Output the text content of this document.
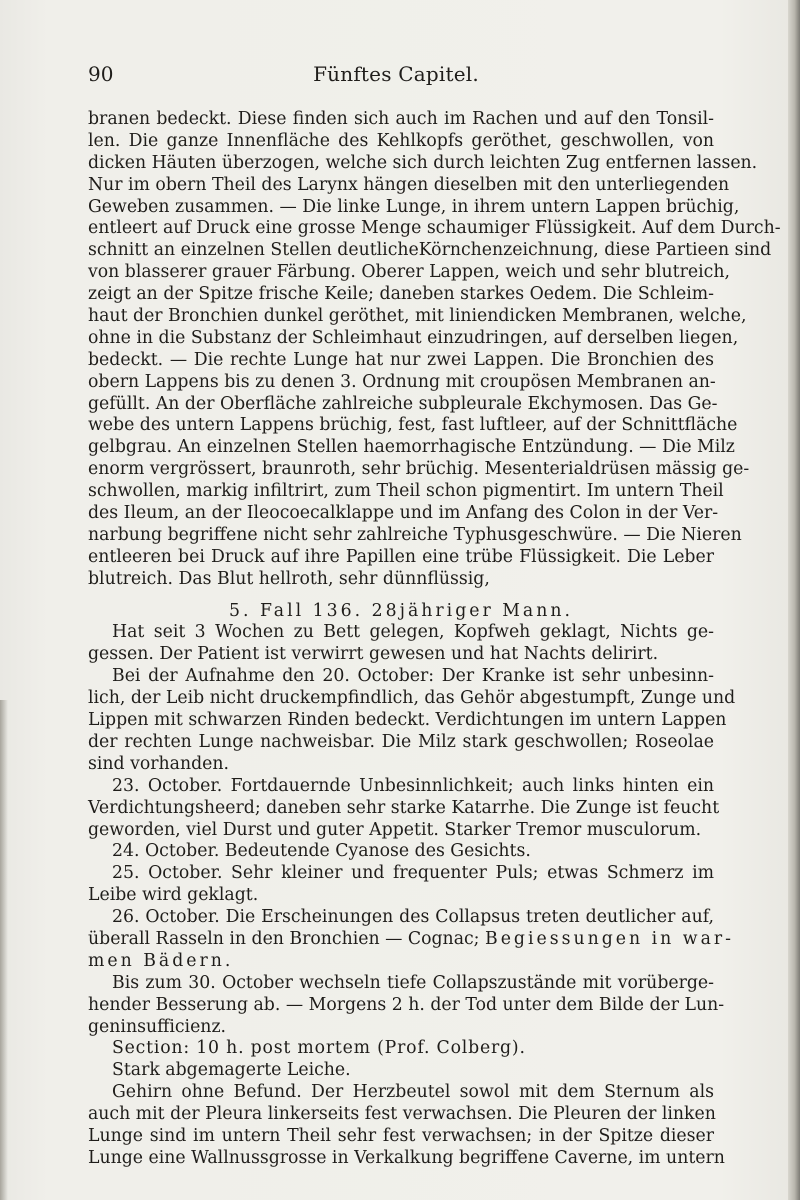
90	Fünftes Capitel.
branen bedeckt. Diese finden sich auch im Rachen und auf den Tonsil-
len. Die ganze Innenfläche des Kehlkopfs geröthet, geschwollen, von
dicken Häuten überzogen, welche sich durch leichten Zug entfernen lassen.
Nur im obern Theil des Larynx hängen dieselben mit den unterliegenden
Geweben zusammen. — Die linke Lunge, in ihrem untern Lappen brüchig,
entleert auf Druck eine grosse Menge schaumiger Flüssigkeit. Auf dem Durch-
schnitt an einzelnen Stellen deutlicheKörnchenzeichnung, diese Partieen sind
von blasserer grauer Färbung. Oberer Lappen, weich und sehr blutreich,
zeigt an der Spitze frische Keile; daneben starkes Oedem. Die Schleim-
haut der Bronchien dunkel geröthet, mit liniendicken Membranen, welche,
ohne in die Substanz der Schleimhaut einzudringen, auf derselben liegen,
bedeckt. — Die rechte Lunge hat nur zwei Lappen. Die Bronchien des
obern Lappens bis zu denen 3. Ordnung mit croupösen Membranen an-
gefüllt. An der Oberfläche zahlreiche subpleurale Ekchymosen. Das Ge-
webe des untern Lappens brüchig, fest, fast luftleer, auf der Schnittfläche
gelbgrau. An einzelnen Stellen haemorrhagische Entzündung. — Die Milz
enorm vergrössert, braunroth, sehr brüchig. Mesenterialdrüsen mässig ge-
schwollen, markig infiltrirt, zum Theil schon pigmentirt. Im untern Theil
des Ileum, an der Ileocoecalklappe und im Anfang des Colon in der Ver-
narbung begriffene nicht sehr zahlreiche Typhusgeschwüre. — Die Nieren
entleeren bei Druck auf ihre Papillen eine trübe Flüssigkeit. Die Leber
blutreich. Das Blut hellroth, sehr dünnflüssig,
5. Fall 136. 28jähriger Mann.
Hat seit 3 Wochen zu Bett gelegen, Kopfweh geklagt, Nichts ge-
gessen. Der Patient ist verwirrt gewesen und hat Nachts delirirt.
Bei der Aufnahme den 20. October: Der Kranke ist sehr unbesinn-
lich, der Leib nicht druckempfindlich, das Gehör abgestumpft, Zunge und
Lippen mit schwarzen Rinden bedeckt. Verdichtungen im untern Lappen
der rechten Lunge nachweisbar. Die Milz stark geschwollen; Roseolae
sind vorhanden.
23. October. Fortdauernde Unbesinnlichkeit; auch links hinten ein
Verdichtungsheerd; daneben sehr starke Katarrhe. Die Zunge ist feucht
geworden, viel Durst und guter Appetit. Starker Tremor musculorum.
24. October. Bedeutende Cyanose des Gesichts.
25. October. Sehr kleiner und frequenter Puls; etwas Schmerz im
Leibe wird geklagt.
26. October. Die Erscheinungen des Collapsus treten deutlicher auf,
überall Rasseln in den Bronchien — Cognac; Begiessungen in war-
men Bädern.
Bis zum 30. October wechseln tiefe Collapszustände mit vorüberge-
hender Besserung ab. — Morgens 2 h. der Tod unter dem Bilde der Lun-
geninsufficienz.
Section: 10 h. post mortem (Prof. Colberg).
Stark abgemagerte Leiche.
Gehirn ohne Befund. Der Herzbeutel sowol mit dem Sternum als
auch mit der Pleura linkerseits fest verwachsen. Die Pleuren der linken
Lunge sind im untern Theil sehr fest verwachsen; in der Spitze dieser
Lunge eine Wallnussgrosse in Verkalkung begriffene Caverne, im untern
